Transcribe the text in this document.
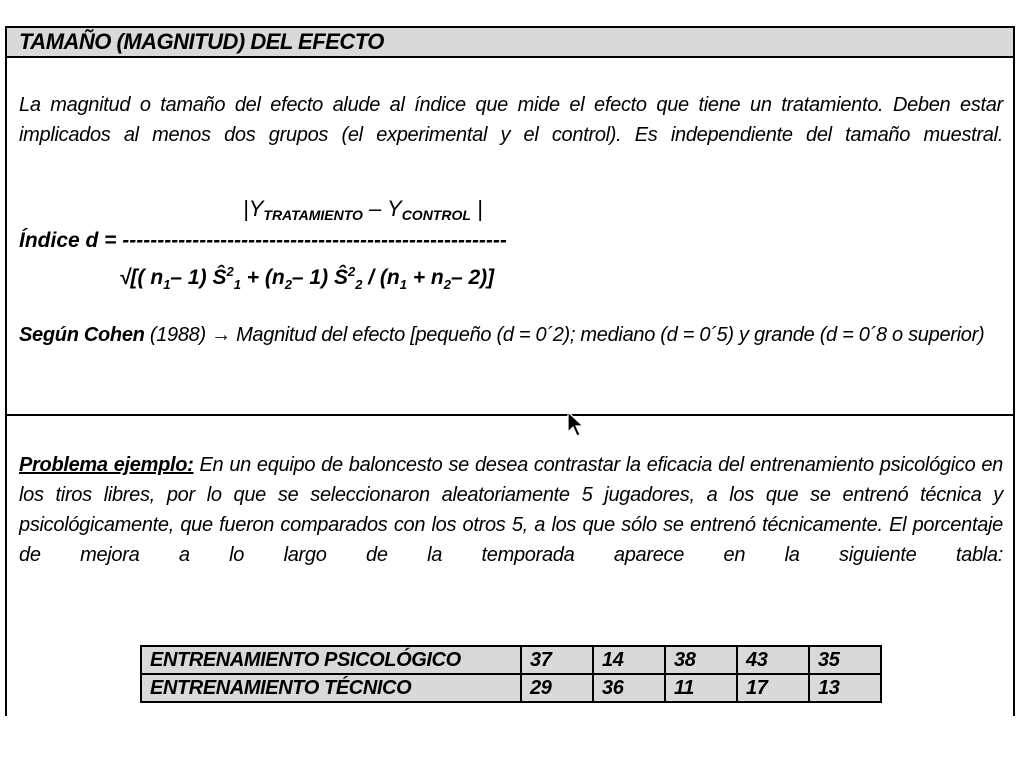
TAMAÑO (MAGNITUD) DEL EFECTO
La magnitud o tamaño del efecto alude al índice que mide el efecto que tiene un tratamiento. Deben estar implicados al menos dos grupos (el experimental y el control). Es independiente del tamaño muestral.
|YTRATAMIENTO – YCONTROL |
Índice d = -------------------------------------------------------
√[( $n_1-$ 1) $Ŝ^2_1 + (n_2-$ 1) $Ŝ^2_2 / (n_1 + n_2-$ 2)]
Según Cohen (1988) → Magnitud del efecto [pequeño (d = 0´2); mediano (d = 0´5) y grande (d = 0´8 o superior)
Problema ejemplo: En un equipo de baloncesto se desea contrastar la eficacia del entrenamiento psicológico en los tiros libres, por lo que se seleccionaron aleatoriamente 5 jugadores, a los que se entrenó técnica y psicológicamente, que fueron comparados con los otros 5, a los que sólo se entrenó técnicamente. El porcentaje de mejora a lo largo de la temporada aparece en la siguiente tabla:
ENTRENAMIENTO PSICOLÓGICO	37	14	38	43	35
ENTRENAMIENTO TÉCNICO	29	36	11	17	13
